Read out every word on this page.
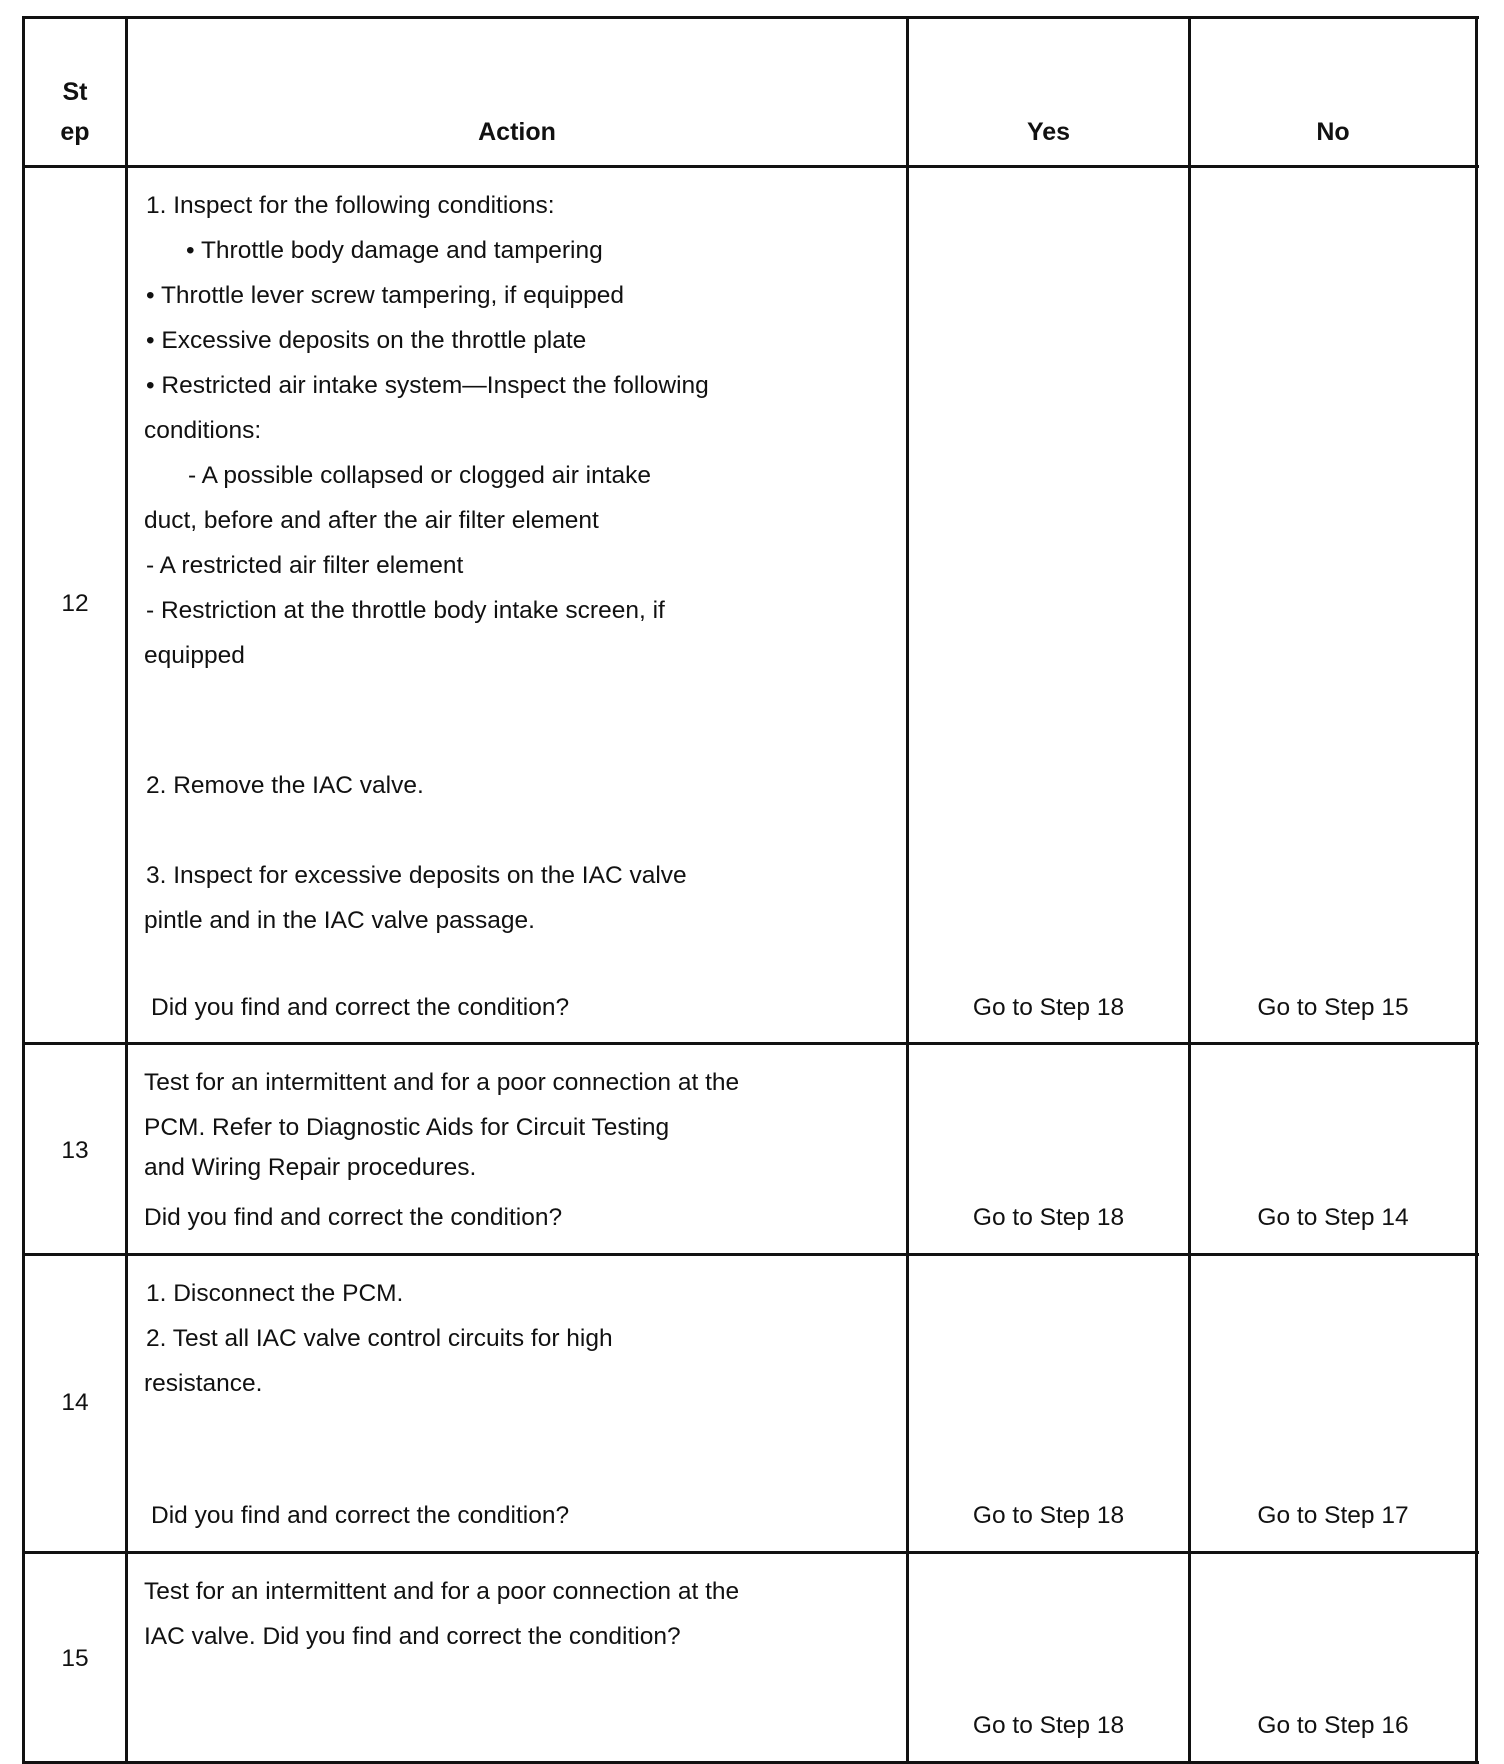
St
ep	Action	Yes	No
12
1. Inspect for the following conditions:
• Throttle body damage and tampering
• Throttle lever screw tampering, if equipped
• Excessive deposits on the throttle plate
• Restricted air intake system—Inspect the following
conditions:
- A possible collapsed or clogged air intake
duct, before and after the air filter element
- A restricted air filter element
- Restriction at the throttle body intake screen, if
equipped
2. Remove the IAC valve.
3. Inspect for excessive deposits on the IAC valve
pintle and in the IAC valve passage.
Did you find and correct the condition?	Go to Step 18	Go to Step 15
13
Test for an intermittent and for a poor connection at the
PCM. Refer to Diagnostic Aids for Circuit Testing
and Wiring Repair procedures.
Did you find and correct the condition?	Go to Step 18	Go to Step 14
14
1. Disconnect the PCM.
2. Test all IAC valve control circuits for high
resistance.
Did you find and correct the condition?	Go to Step 18	Go to Step 17
15
Test for an intermittent and for a poor connection at the
IAC valve. Did you find and correct the condition?
Go to Step 18	Go to Step 16
